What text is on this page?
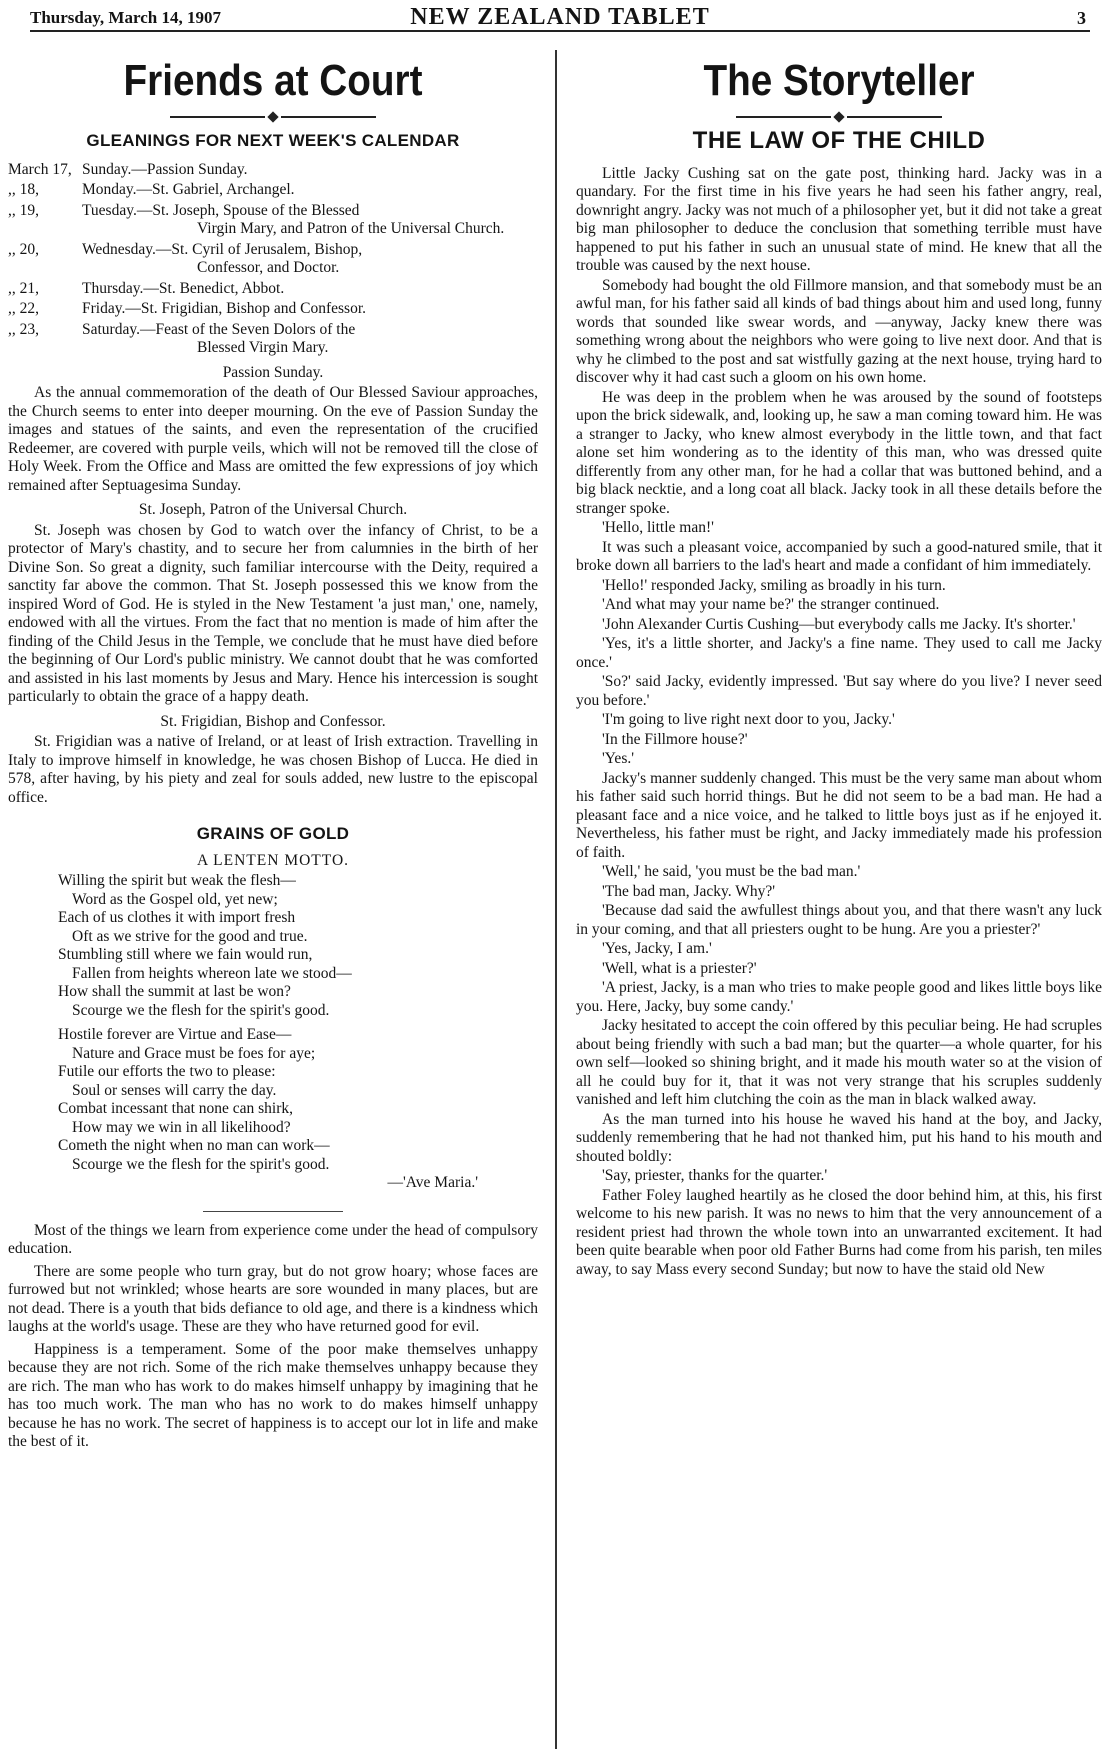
Thursday, March 14, 1907	NEW ZEALAND TABLET	3
Friends at Court
GLEANINGS FOR NEXT WEEK'S CALENDAR
March 17, Sunday.—Passion Sunday.
,, 18,	Monday.—St. Gabriel, Archangel.
,, 19,	Tuesday.—St. Joseph, Spouse of the Blessed
Virgin Mary, and Patron of the Universal Church.
,, 20,	Wednesday.—St. Cyril of Jerusalem, Bishop,
Confessor, and Doctor.
,, 21,	Thursday.—St. Benedict, Abbot.
,, 22,	Friday.—St. Frigidian, Bishop and Confessor.
,, 23,	Saturday.—Feast of the Seven Dolors of the
Blessed Virgin Mary.
Passion Sunday.

As the annual commemoration of the death of Our Blessed Saviour approaches, the Church seems to enter into deeper mourning. On the eve of Passion Sunday the images and statues of the saints, and even the representation of the crucified Redeemer, are covered with purple veils, which will not be removed till the close of Holy Week. From the Office and Mass are omitted the few expressions of joy which remained after Septuagesima Sunday.

St. Joseph, Patron of the Universal Church.

St. Joseph was chosen by God to watch over the infancy of Christ, to be a protector of Mary's chastity, and to secure her from calumnies in the birth of her Divine Son. So great a dignity, such familiar intercourse with the Deity, required a sanctity far above the common. That St. Joseph possessed this we know from the inspired Word of God. He is styled in the New Testament 'a just man,' one, namely, endowed with all the virtues. From the fact that no mention is made of him after the finding of the Child Jesus in the Temple, we conclude that he must have died before the beginning of Our Lord's public ministry. We cannot doubt that he was comforted and assisted in his last moments by Jesus and Mary. Hence his intercession is sought particularly to obtain the grace of a happy death.

St. Frigidian, Bishop and Confessor.

St. Frigidian was a native of Ireland, or at least of Irish extraction. Travelling in Italy to improve himself in knowledge, he was chosen Bishop of Lucca. He died in 578, after having, by his piety and zeal for souls added, new lustre to the episcopal office.

GRAINS OF GOLD
A LENTEN MOTTO.
Willing the spirit but weak the flesh—
Word as the Gospel old, yet new;
Each of us clothes it with import fresh
Oft as we strive for the good and true.
Stumbling still where we fain would run,
Fallen from heights whereon late we stood—
How shall the summit at last be won?
Scourge we the flesh for the spirit's good.
Hostile forever are Virtue and Ease—
Nature and Grace must be foes for aye;
Futile our efforts the two to please:
Soul or senses will carry the day.
Combat incessant that none can shirk,
How may we win in all likelihood?
Cometh the night when no man can work—
Scourge we the flesh for the spirit's good.
—'Ave Maria.'

Most of the things we learn from experience come under the head of compulsory education.

There are some people who turn gray, but do not grow hoary; whose faces are furrowed but not wrinkled; whose hearts are sore wounded in many places, but are not dead. There is a youth that bids defiance to old age, and there is a kindness which laughs at the world's usage. These are they who have returned good for evil.

Happiness is a temperament. Some of the poor make themselves unhappy because they are not rich. Some of the rich make themselves unhappy because they are rich. The man who has work to do makes himself unhappy by imagining that he has too much work. The man who has no work to do makes himself unhappy because he has no work. The secret of happiness is to accept our lot in life and make the best of it.

The Storyteller
THE LAW OF THE CHILD

Little Jacky Cushing sat on the gate post, thinking hard. Jacky was in a quandary. For the first time in his five years he had seen his father angry, real, downright angry. Jacky was not much of a philosopher yet, but it did not take a great big man philosopher to deduce the conclusion that something terrible must have happened to put his father in such an unusual state of mind. He knew that all the trouble was caused by the next house.

Somebody had bought the old Fillmore mansion, and that somebody must be an awful man, for his father said all kinds of bad things about him and used long, funny words that sounded like swear words, and —anyway, Jacky knew there was something wrong about the neighbors who were going to live next door. And that is why he climbed to the post and sat wistfully gazing at the next house, trying hard to discover why it had cast such a gloom on his own home.

He was deep in the problem when he was aroused by the sound of footsteps upon the brick sidewalk, and, looking up, he saw a man coming toward him. He was a stranger to Jacky, who knew almost everybody in the little town, and that fact alone set him wondering as to the identity of this man, who was dressed quite differently from any other man, for he had a collar that was buttoned behind, and a big black necktie, and a long coat all black. Jacky took in all these details before the stranger spoke.

'Hello, little man!'

It was such a pleasant voice, accompanied by such a good-natured smile, that it broke down all barriers to the lad's heart and made a confidant of him immediately.

'Hello!' responded Jacky, smiling as broadly in his turn.

'And what may your name be?' the stranger continued.

'John Alexander Curtis Cushing—but everybody calls me Jacky. It's shorter.'

'Yes, it's a little shorter, and Jacky's a fine name. They used to call me Jacky once.'

'So?' said Jacky, evidently impressed. 'But say where do you live? I never seed you before.'

'I'm going to live right next door to you, Jacky.'

'In the Fillmore house?'

'Yes.'

Jacky's manner suddenly changed. This must be the very same man about whom his father said such horrid things. But he did not seem to be a bad man. He had a pleasant face and a nice voice, and he talked to little boys just as if he enjoyed it. Nevertheless, his father must be right, and Jacky immediately made his profession of faith.

'Well,' he said, 'you must be the bad man.'

'The bad man, Jacky. Why?'

'Because dad said the awfullest things about you, and that there wasn't any luck in your coming, and that all priesters ought to be hung. Are you a priester?'

'Yes, Jacky, I am.'

'Well, what is a priester?'

'A priest, Jacky, is a man who tries to make people good and likes little boys like you. Here, Jacky, buy some candy.'

Jacky hesitated to accept the coin offered by this peculiar being. He had scruples about being friendly with such a bad man; but the quarter—a whole quarter, for his own self—looked so shining bright, and it made his mouth water so at the vision of all he could buy for it, that it was not very strange that his scruples suddenly vanished and left him clutching the coin as the man in black walked away.

As the man turned into his house he waved his hand at the boy, and Jacky, suddenly remembering that he had not thanked him, put his hand to his mouth and shouted boldly:

'Say, priester, thanks for the quarter.'

Father Foley laughed heartily as he closed the door behind him, at this, his first welcome to his new parish. It was no news to him that the very announcement of a resident priest had thrown the whole town into an unwarranted excitement. It had been quite bearable when poor old Father Burns had come from his parish, ten miles away, to say Mass every second Sunday; but now to have the staid old New
